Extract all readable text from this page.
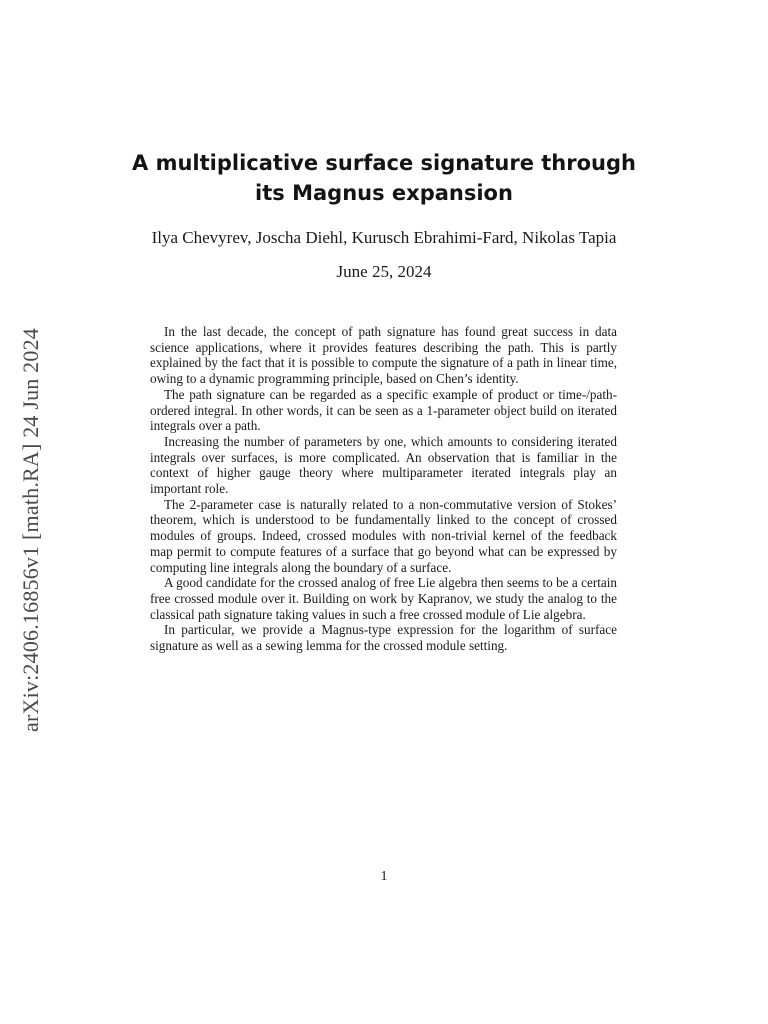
arXiv:2406.16856v1 [math.RA] 24 Jun 2024
A multiplicative surface signature through
its Magnus expansion
Ilya Chevyrev, Joscha Diehl, Kurusch Ebrahimi-Fard, Nikolas Tapia
June 25, 2024

In the last decade, the concept of path signature has found great success in data science applications, where it provides features describing the path. This is partly explained by the fact that it is possible to compute the signature of a path in linear time, owing to a dynamic programming principle, based on Chen’s identity.

The path signature can be regarded as a specific example of product or time-/path-ordered integral. In other words, it can be seen as a 1-parameter object build on iterated integrals over a path.

Increasing the number of parameters by one, which amounts to considering iterated integrals over surfaces, is more complicated. An observation that is familiar in the context of higher gauge theory where multiparameter iterated integrals play an important role.

The 2-parameter case is naturally related to a non-commutative version of Stokes’ theorem, which is understood to be fundamentally linked to the concept of crossed modules of groups. Indeed, crossed modules with non-trivial kernel of the feedback map permit to compute features of a surface that go beyond what can be expressed by computing line integrals along the boundary of a surface.

A good candidate for the crossed analog of free Lie algebra then seems to be a certain free crossed module over it. Building on work by Kapranov, we study the analog to the classical path signature taking values in such a free crossed module of Lie algebra.

In particular, we provide a Magnus-type expression for the logarithm of surface signature as well as a sewing lemma for the crossed module setting.

1
